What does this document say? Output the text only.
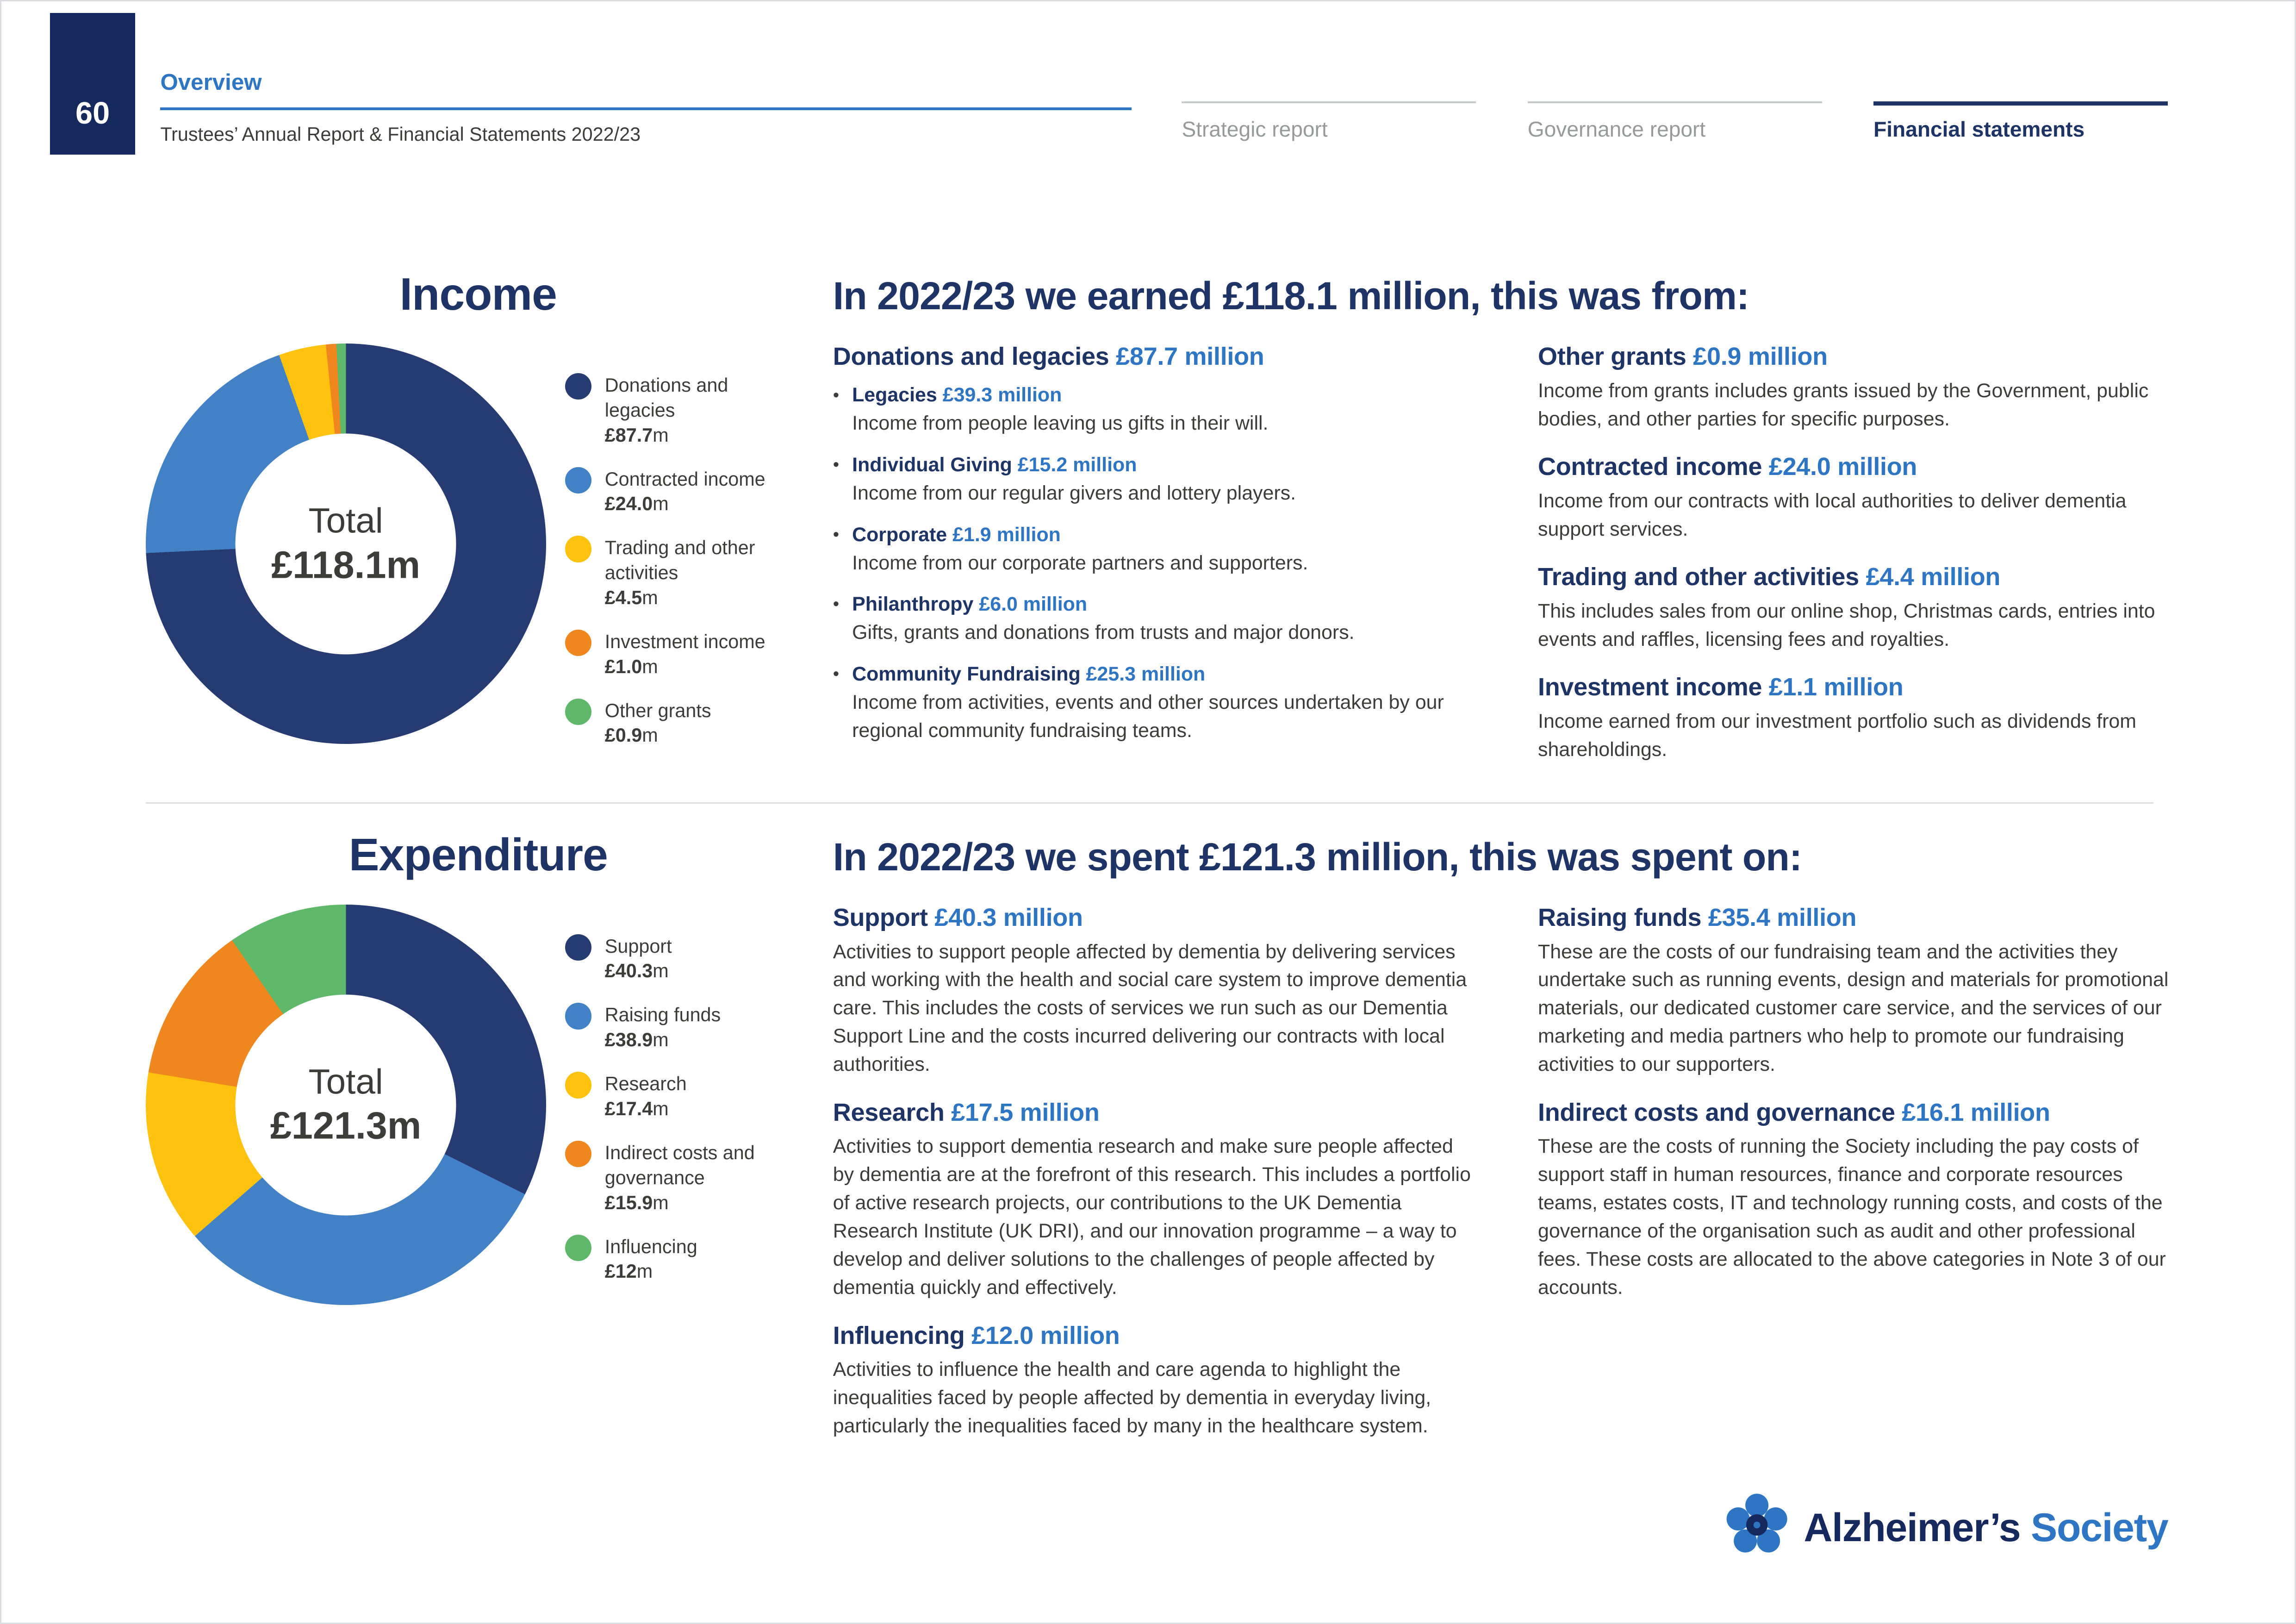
60
Overview
Trustees’ Annual Report & Financial Statements 2022/23	Strategic report	Governance report	Financial statements
Income
Total
£118.1m
Donations and legacies
£87.7m
Contracted income
£24.0m
Trading and other activities
£4.5m
Investment income
£1.0m
Other grants
£0.9m
In 2022/23 we earned £118.1 million, this was from:
Donations and legacies £87.7 million
•	Legacies £39.3 million
Income from people leaving us gifts in their will.
•	Individual Giving £15.2 million
Income from our regular givers and lottery players.
•	Corporate £1.9 million
Income from our corporate partners and supporters.
•	Philanthropy £6.0 million
Gifts, grants and donations from trusts and major donors.
•	Community Fundraising £25.3 million
Income from activities, events and other sources undertaken by our regional community fundraising teams.
Other grants £0.9 million
Income from grants includes grants issued by the Government, public bodies, and other parties for specific purposes.
Contracted income £24.0 million
Income from our contracts with local authorities to deliver dementia support services.
Trading and other activities £4.4 million
This includes sales from our online shop, Christmas cards, entries into events and raffles, licensing fees and royalties.
Investment income £1.1 million
Income earned from our investment portfolio such as dividends from shareholdings.
Expenditure
Total
£121.3m
Support
£40.3m
Raising funds
£38.9m
Research
£17.4m
Indirect costs and governance
£15.9m
Influencing
£12m
In 2022/23 we spent £121.3 million, this was spent on:
Support £40.3 million
Activities to support people affected by dementia by delivering services and working with the health and social care system to improve dementia care. This includes the costs of services we run such as our Dementia Support Line and the costs incurred delivering our contracts with local authorities.
Research £17.5 million
Activities to support dementia research and make sure people affected by dementia are at the forefront of this research. This includes a portfolio of active research projects, our contributions to the UK Dementia Research Institute (UK DRI), and our innovation programme – a way to develop and deliver solutions to the challenges of people affected by dementia quickly and effectively.
Influencing £12.0 million
Activities to influence the health and care agenda to highlight the inequalities faced by people affected by dementia in everyday living, particularly the inequalities faced by many in the healthcare system.
Raising funds £35.4 million
These are the costs of our fundraising team and the activities they undertake such as running events, design and materials for promotional materials, our dedicated customer care service, and the services of our marketing and media partners who help to promote our fundraising activities to our supporters.
Indirect costs and governance £16.1 million
These are the costs of running the Society including the pay costs of support staff in human resources, finance and corporate resources teams, estates costs, IT and technology running costs, and costs of the governance of the organisation such as audit and other professional fees. These costs are allocated to the above categories in Note 3 of our accounts.
Alzheimer’s Society
